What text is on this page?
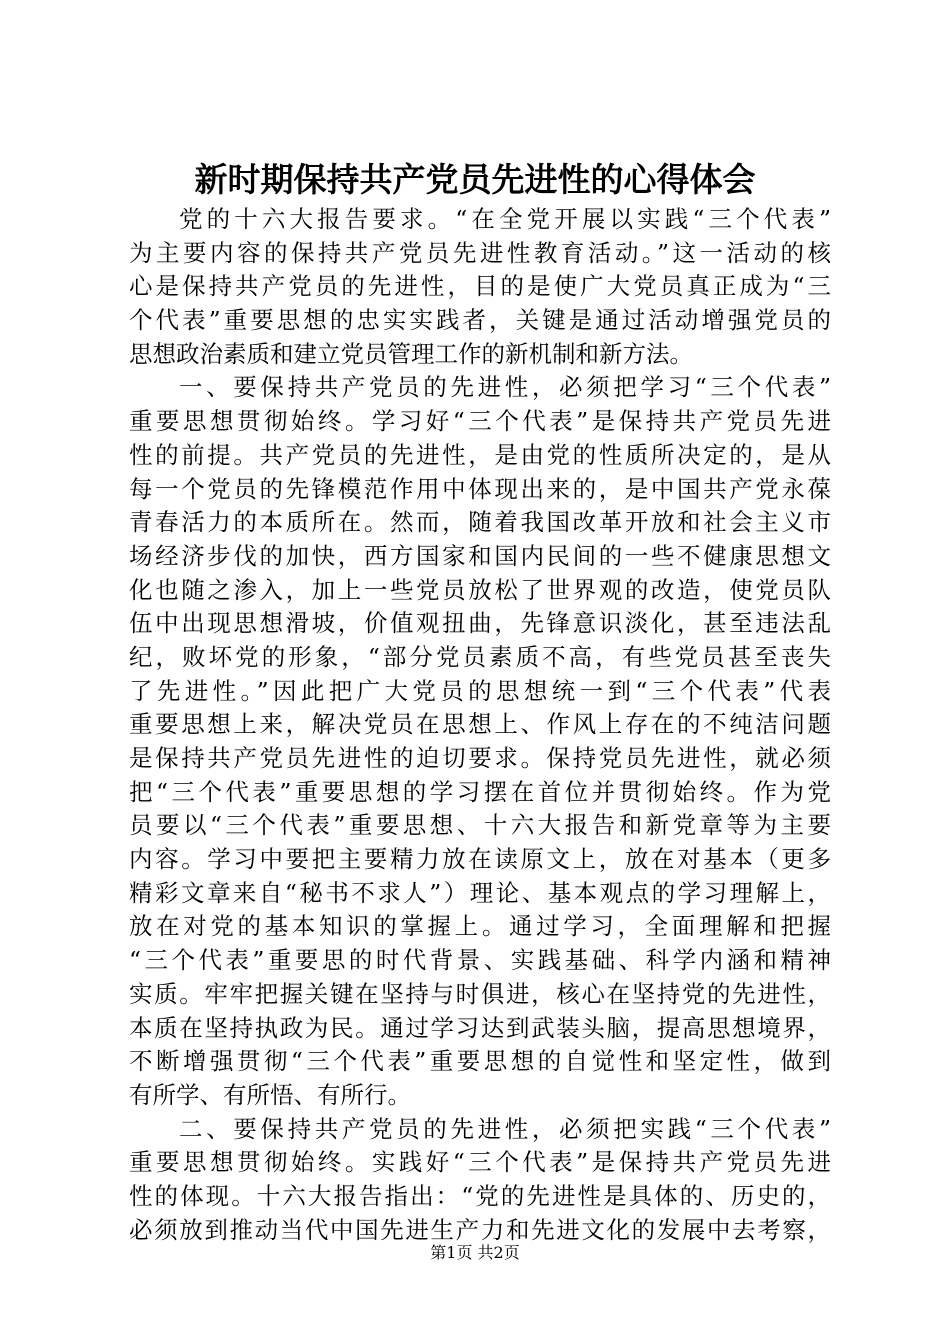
新时期保持共产党员先进性的心得体会
党的十六大报告要求。“在全党开展以实践“三个代表”
为主要内容的保持共产党员先进性教育活动。”这一活动的核
心是保持共产党员的先进性，目的是使广大党员真正成为“三
个代表”重要思想的忠实实践者，关键是通过活动增强党员的
思想政治素质和建立党员管理工作的新机制和新方法。
一、要保持共产党员的先进性，必须把学习“三个代表”
重要思想贯彻始终。学习好“三个代表”是保持共产党员先进
性的前提。共产党员的先进性，是由党的性质所决定的，是从
每一个党员的先锋模范作用中体现出来的，是中国共产党永葆
青春活力的本质所在。然而，随着我国改革开放和社会主义市
场经济步伐的加快，西方国家和国内民间的一些不健康思想文
化也随之渗入，加上一些党员放松了世界观的改造，使党员队
伍中出现思想滑坡，价值观扭曲，先锋意识淡化，甚至违法乱
纪，败坏党的形象，“部分党员素质不高，有些党员甚至丧失
了先进性。”因此把广大党员的思想统一到“三个代表”代表
重要思想上来，解决党员在思想上、作风上存在的不纯洁问题
是保持共产党员先进性的迫切要求。保持党员先进性，就必须
把“三个代表”重要思想的学习摆在首位并贯彻始终。作为党
员要以“三个代表”重要思想、十六大报告和新党章等为主要
内容。学习中要把主要精力放在读原文上，放在对基本（更多
精彩文章来自“秘书不求人”）理论、基本观点的学习理解上，
放在对党的基本知识的掌握上。通过学习，全面理解和把握
“三个代表”重要思的时代背景、实践基础、科学内涵和精神
实质。牢牢把握关键在坚持与时俱进，核心在坚持党的先进性，
本质在坚持执政为民。通过学习达到武装头脑，提高思想境界，
不断增强贯彻“三个代表”重要思想的自觉性和坚定性，做到
有所学、有所悟、有所行。
二、要保持共产党员的先进性，必须把实践“三个代表”
重要思想贯彻始终。实践好“三个代表”是保持共产党员先进
性的体现。十六大报告指出：“党的先进性是具体的、历史的，
必须放到推动当代中国先进生产力和先进文化的发展中去考察，
第1页 共2页
